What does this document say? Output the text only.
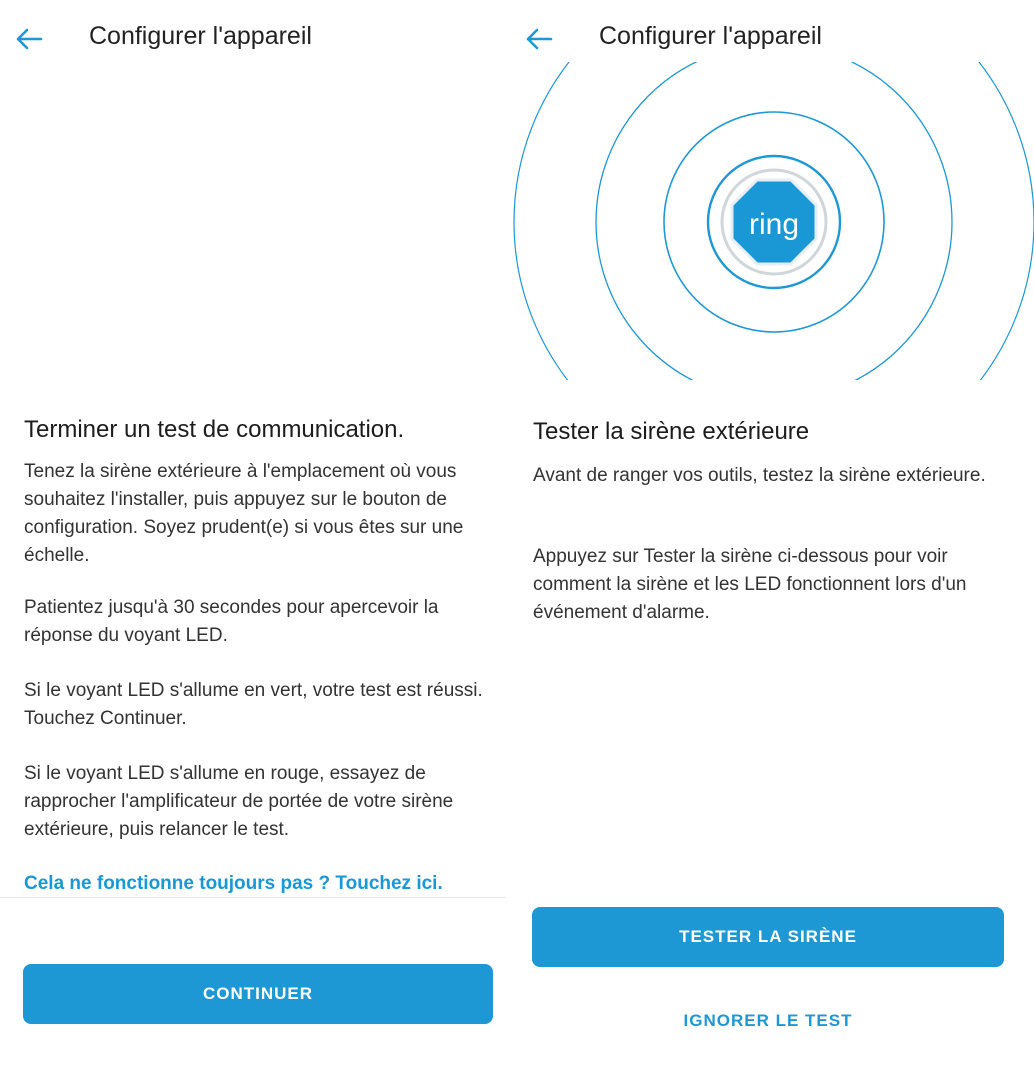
Configurer l'appareil
Terminer un test de communication.

Tenez la sirène extérieure à l'emplacement où vous souhaitez l'installer, puis appuyez sur le bouton de configuration. Soyez prudent(e) si vous êtes sur une échelle.

Patientez jusqu'à 30 secondes pour apercevoir la réponse du voyant LED.

Si le voyant LED s'allume en vert, votre test est réussi. Touchez Continuer.

Si le voyant LED s'allume en rouge, essayez de rapprocher l'amplificateur de portée de votre sirène extérieure, puis relancer le test.

Cela ne fonctionne toujours pas ? Touchez ici.
CONTINUER
Configurer l'appareil
ring
Tester la sirène extérieure

Avant de ranger vos outils, testez la sirène extérieure.

Appuyez sur Tester la sirène ci-dessous pour voir comment la sirène et les LED fonctionnent lors d'un événement d'alarme.

TESTER LA SIRÈNE
IGNORER LE TEST
